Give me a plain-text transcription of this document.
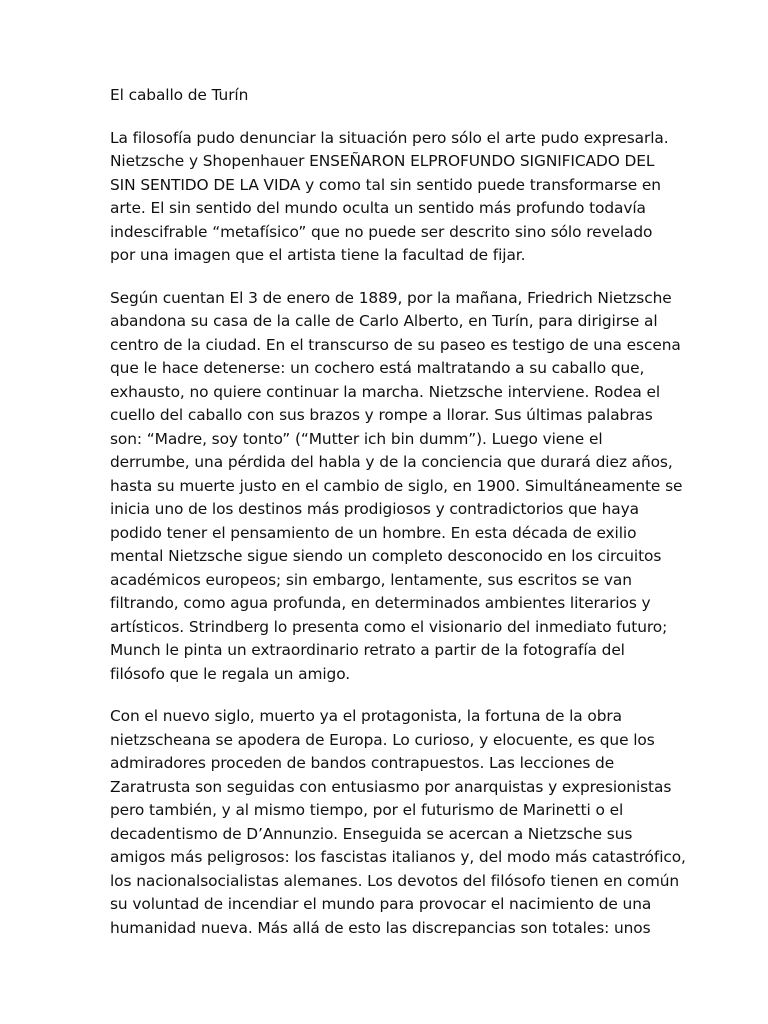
El caballo de Turín

La filosofía pudo denunciar la situación pero sólo el arte pudo expresarla.
Nietzsche y Shopenhauer ENSEÑARON ELPROFUNDO SIGNIFICADO DEL
SIN SENTIDO DE LA VIDA y como tal sin sentido puede transformarse en
arte. El sin sentido del mundo oculta un sentido más profundo todavía
indescifrable “metafísico” que no puede ser descrito sino sólo revelado
por una imagen que el artista tiene la facultad de fijar.

Según cuentan El 3 de enero de 1889, por la mañana, Friedrich Nietzsche
abandona su casa de la calle de Carlo Alberto, en Turín, para dirigirse al
centro de la ciudad. En el transcurso de su paseo es testigo de una escena
que le hace detenerse: un cochero está maltratando a su caballo que,
exhausto, no quiere continuar la marcha. Nietzsche interviene. Rodea el
cuello del caballo con sus brazos y rompe a llorar. Sus últimas palabras
son: “Madre, soy tonto” (“Mutter ich bin dumm”). Luego viene el
derrumbe, una pérdida del habla y de la conciencia que durará diez años,
hasta su muerte justo en el cambio de siglo, en 1900. Simultáneamente se
inicia uno de los destinos más prodigiosos y contradictorios que haya
podido tener el pensamiento de un hombre. En esta década de exilio
mental Nietzsche sigue siendo un completo desconocido en los circuitos
académicos europeos; sin embargo, lentamente, sus escritos se van
filtrando, como agua profunda, en determinados ambientes literarios y
artísticos. Strindberg lo presenta como el visionario del inmediato futuro;
Munch le pinta un extraordinario retrato a partir de la fotografía del
filósofo que le regala un amigo.

Con el nuevo siglo, muerto ya el protagonista, la fortuna de la obra
nietzscheana se apodera de Europa. Lo curioso, y elocuente, es que los
admiradores proceden de bandos contrapuestos. Las lecciones de
Zaratrusta son seguidas con entusiasmo por anarquistas y expresionistas
pero también, y al mismo tiempo, por el futurismo de Marinetti o el
decadentismo de D’Annunzio. Enseguida se acercan a Nietzsche sus
amigos más peligrosos: los fascistas italianos y, del modo más catastrófico,
los nacionalsocialistas alemanes. Los devotos del filósofo tienen en común
su voluntad de incendiar el mundo para provocar el nacimiento de una
humanidad nueva. Más allá de esto las discrepancias son totales: unos
